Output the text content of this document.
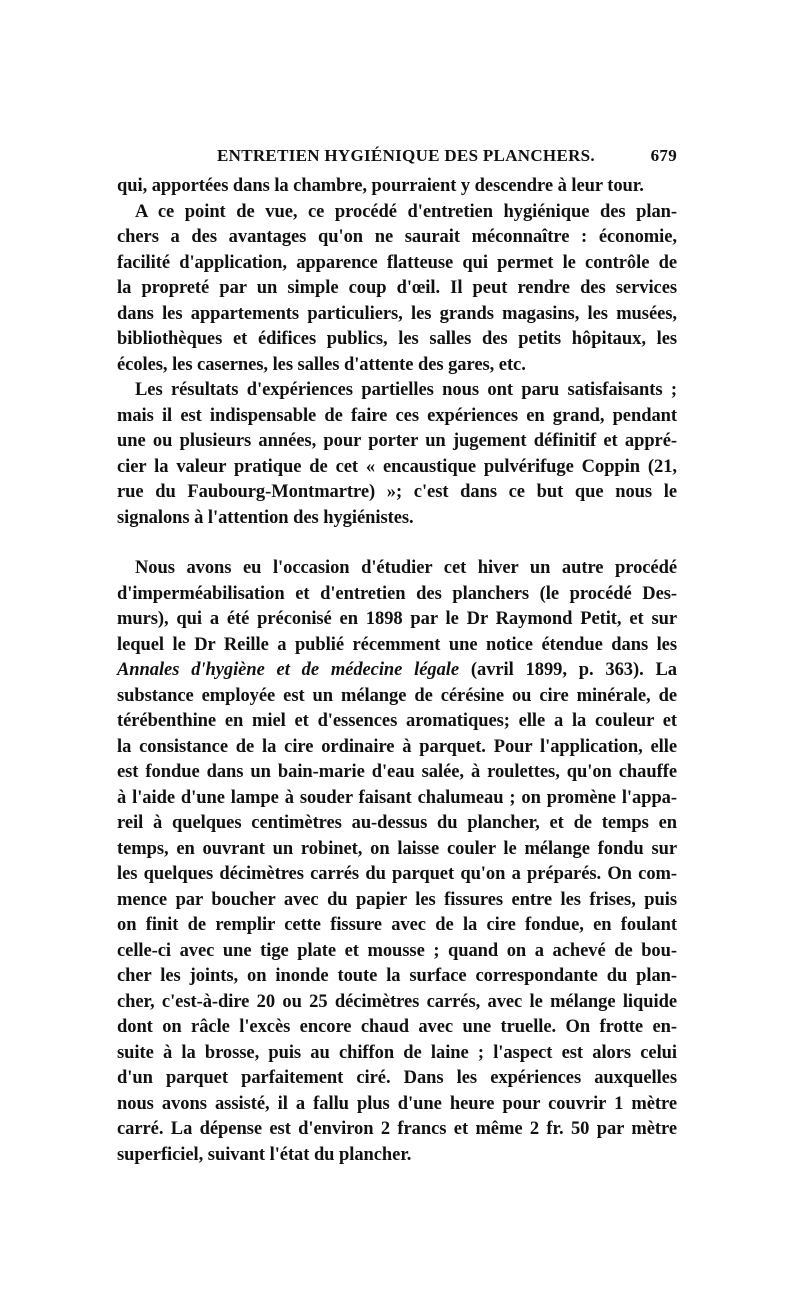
ENTRETIEN HYGIÉNIQUE DES PLANCHERS.	679

qui, apportées dans la chambre, pourraient y descendre à leur tour.

A ce point de vue, ce procédé d'entretien hygiénique des plan-
chers a des avantages qu'on ne saurait méconnaître : économie,
facilité d'application, apparence flatteuse qui permet le contrôle de
la propreté par un simple coup d'œil. Il peut rendre des services
dans les appartements particuliers, les grands magasins, les musées,
bibliothèques et édifices publics, les salles des petits hôpitaux, les
écoles, les casernes, les salles d'attente des gares, etc.

Les résultats d'expériences partielles nous ont paru satisfaisants ;
mais il est indispensable de faire ces expériences en grand, pendant
une ou plusieurs années, pour porter un jugement définitif et appré-
cier la valeur pratique de cet « encaustique pulvérifuge Coppin (21,
rue du Faubourg-Montmartre) »; c'est dans ce but que nous le
signalons à l'attention des hygiénistes.

Nous avons eu l'occasion d'étudier cet hiver un autre procédé
d'imperméabilisation et d'entretien des planchers (le procédé Des-
murs), qui a été préconisé en 1898 par le Dr Raymond Petit, et sur
lequel le Dr Reille a publié récemment une notice étendue dans les
Annales d'hygiène et de médecine légale (avril 1899, p. 363). La
substance employée est un mélange de cérésine ou cire minérale, de
térébenthine en miel et d'essences aromatiques; elle a la couleur et
la consistance de la cire ordinaire à parquet. Pour l'application, elle
est fondue dans un bain-marie d'eau salée, à roulettes, qu'on chauffe
à l'aide d'une lampe à souder faisant chalumeau ; on promène l'appa-
reil à quelques centimètres au-dessus du plancher, et de temps en
temps, en ouvrant un robinet, on laisse couler le mélange fondu sur
les quelques décimètres carrés du parquet qu'on a préparés. On com-
mence par boucher avec du papier les fissures entre les frises, puis
on finit de remplir cette fissure avec de la cire fondue, en foulant
celle-ci avec une tige plate et mousse ; quand on a achevé de bou-
cher les joints, on inonde toute la surface correspondante du plan-
cher, c'est-à-dire 20 ou 25 décimètres carrés, avec le mélange liquide
dont on râcle l'excès encore chaud avec une truelle. On frotte en-
suite à la brosse, puis au chiffon de laine ; l'aspect est alors celui
d'un parquet parfaitement ciré. Dans les expériences auxquelles
nous avons assisté, il a fallu plus d'une heure pour couvrir 1 mètre
carré. La dépense est d'environ 2 francs et même 2 fr. 50 par mètre
superficiel, suivant l'état du plancher.
